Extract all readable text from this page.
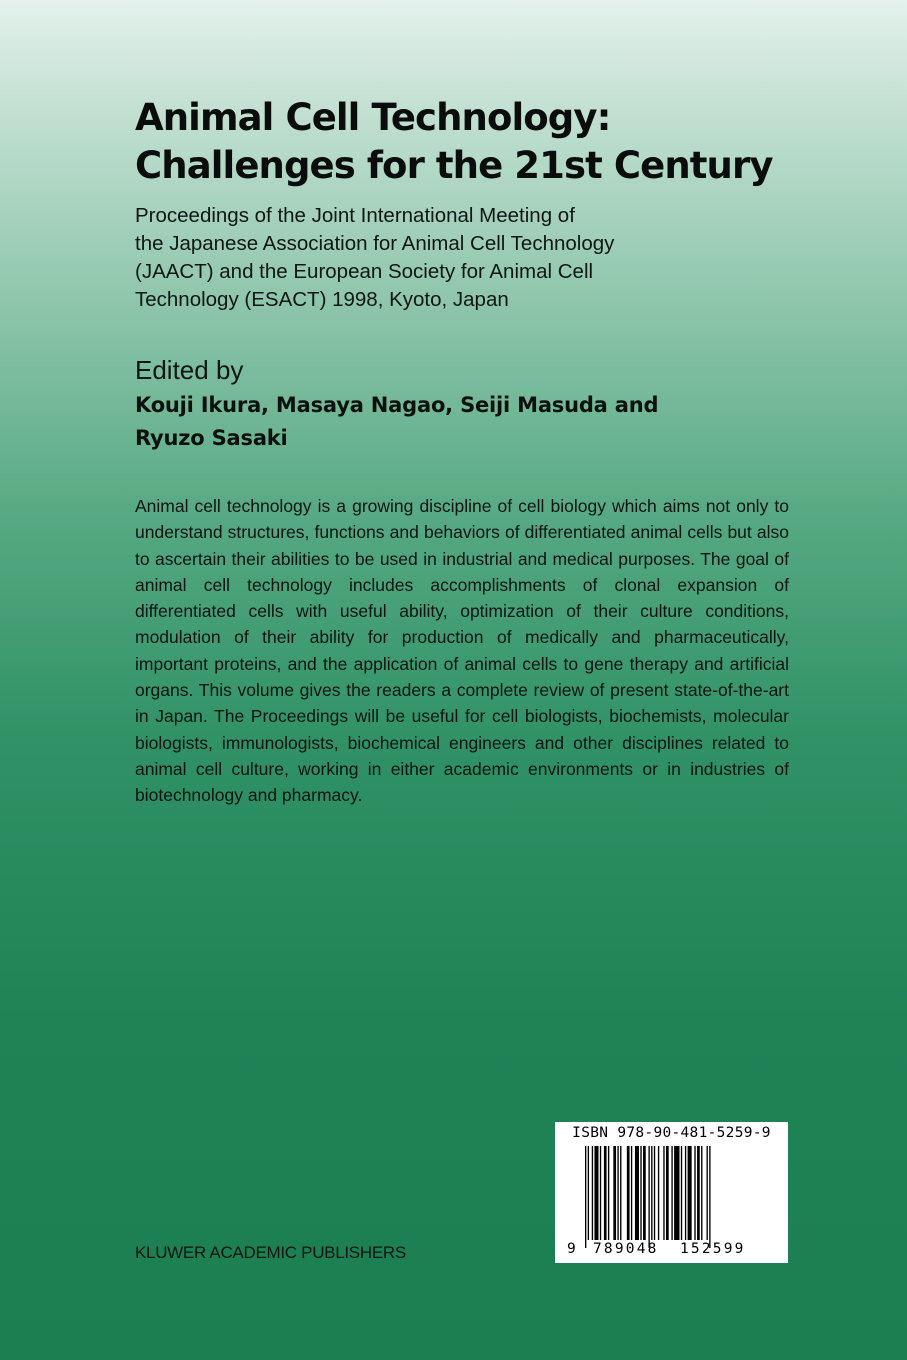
Animal Cell Technology:
Challenges for the 21st Century
Proceedings of the Joint International Meeting of
the Japanese Association for Animal Cell Technology
(JAACT) and the European Society for Animal Cell
Technology (ESACT) 1998, Kyoto, Japan
Edited by
Kouji Ikura, Masaya Nagao, Seiji Masuda and
Ryuzo Sasaki

Animal cell technology is a growing discipline of cell biology which aims not only to understand structures, functions and behaviors of differentiated animal cells but also to ascertain their abilities to be used in industrial and medical purposes. The goal of animal cell technology includes accomplishments of clonal expansion of differentiated cells with useful ability, optimization of their culture conditions, modulation of their ability for production of medically and pharmaceutically, important proteins, and the application of animal cells to gene therapy and artificial organs. This volume gives the readers a complete review of present state-of-the-art in Japan. The Proceedings will be useful for cell biologists, biochemists, molecular biologists, immunologists, biochemical engineers and other disciplines related to animal cell culture, working in either academic environments or in industries of biotechnology and pharmacy.

KLUWER ACADEMIC PUBLISHERS
ISBN 978-90-481-5259-9
9 789048 152599
